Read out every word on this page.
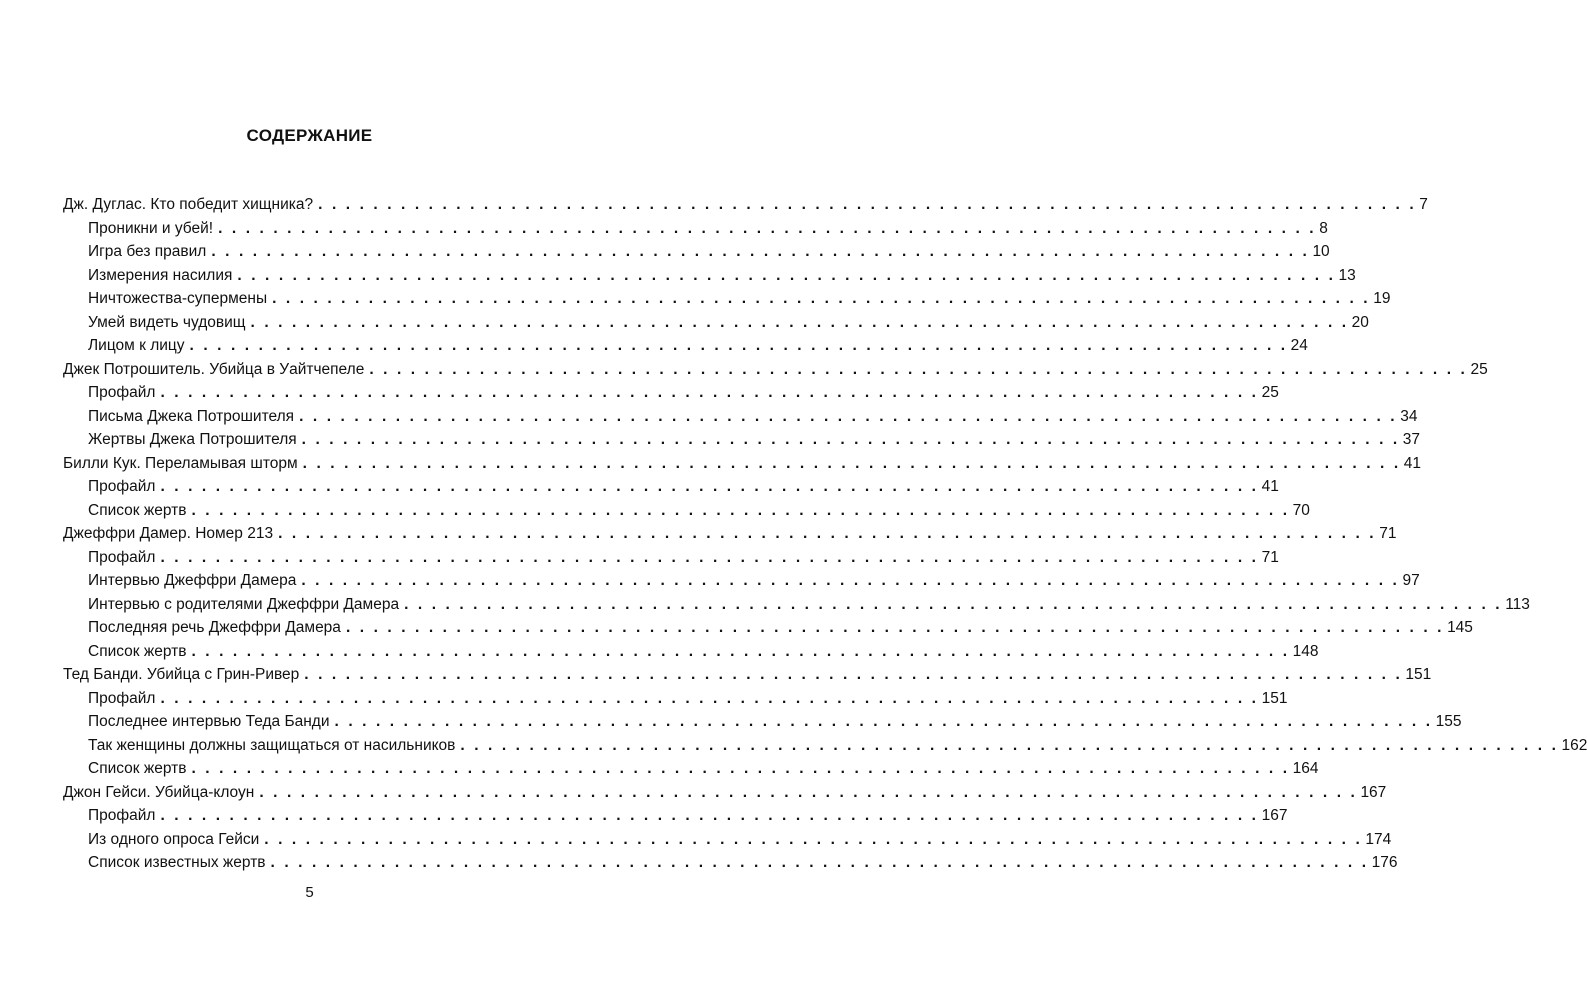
СОДЕРЖАНИЕ
Дж. Дуглас. Кто победит хищника? . . . . . . . . . . . . . . . . . . . . . . . . . . . . . . . . . . . . . . . . . . . . . . . . . . . . . . . . . . . . . . . . . . . . . . . . . . . . . . . . 7
Проникни и убей! . . . . . . . . . . . . . . . . . . . . . . . . . . . . . . . . . . . . . . . . . . . . . . . . . . . . . . . . . . . . . . . . . . . . . . . . . . . . . . . . 8
Игра без правил . . . . . . . . . . . . . . . . . . . . . . . . . . . . . . . . . . . . . . . . . . . . . . . . . . . . . . . . . . . . . . . . . . . . . . . . . . . . . . . . 10
Измерения насилия . . . . . . . . . . . . . . . . . . . . . . . . . . . . . . . . . . . . . . . . . . . . . . . . . . . . . . . . . . . . . . . . . . . . . . . . . . . . . . . . 13
Ничтожества-супермены . . . . . . . . . . . . . . . . . . . . . . . . . . . . . . . . . . . . . . . . . . . . . . . . . . . . . . . . . . . . . . . . . . . . . . . . . . . . . . . . 19
Умей видеть чудовищ . . . . . . . . . . . . . . . . . . . . . . . . . . . . . . . . . . . . . . . . . . . . . . . . . . . . . . . . . . . . . . . . . . . . . . . . . . . . . . . . 20
Лицом к лицу . . . . . . . . . . . . . . . . . . . . . . . . . . . . . . . . . . . . . . . . . . . . . . . . . . . . . . . . . . . . . . . . . . . . . . . . . . . . . . . . 24
Джек Потрошитель. Убийца в Уайтчепеле . . . . . . . . . . . . . . . . . . . . . . . . . . . . . . . . . . . . . . . . . . . . . . . . . . . . . . . . . . . . . . . . . . . . . . . . . . . . . . . . 25
Профайл . . . . . . . . . . . . . . . . . . . . . . . . . . . . . . . . . . . . . . . . . . . . . . . . . . . . . . . . . . . . . . . . . . . . . . . . . . . . . . . . 25
Письма Джека Потрошителя . . . . . . . . . . . . . . . . . . . . . . . . . . . . . . . . . . . . . . . . . . . . . . . . . . . . . . . . . . . . . . . . . . . . . . . . . . . . . . . . 34
Жертвы Джека Потрошителя . . . . . . . . . . . . . . . . . . . . . . . . . . . . . . . . . . . . . . . . . . . . . . . . . . . . . . . . . . . . . . . . . . . . . . . . . . . . . . . . 37
Билли Кук. Переламывая шторм . . . . . . . . . . . . . . . . . . . . . . . . . . . . . . . . . . . . . . . . . . . . . . . . . . . . . . . . . . . . . . . . . . . . . . . . . . . . . . . . 41
Профайл . . . . . . . . . . . . . . . . . . . . . . . . . . . . . . . . . . . . . . . . . . . . . . . . . . . . . . . . . . . . . . . . . . . . . . . . . . . . . . . . 41
Список жертв . . . . . . . . . . . . . . . . . . . . . . . . . . . . . . . . . . . . . . . . . . . . . . . . . . . . . . . . . . . . . . . . . . . . . . . . . . . . . . . . 70
Джеффри Дамер. Номер 213 . . . . . . . . . . . . . . . . . . . . . . . . . . . . . . . . . . . . . . . . . . . . . . . . . . . . . . . . . . . . . . . . . . . . . . . . . . . . . . . . 71
Профайл . . . . . . . . . . . . . . . . . . . . . . . . . . . . . . . . . . . . . . . . . . . . . . . . . . . . . . . . . . . . . . . . . . . . . . . . . . . . . . . . 71
Интервью Джеффри Дамера . . . . . . . . . . . . . . . . . . . . . . . . . . . . . . . . . . . . . . . . . . . . . . . . . . . . . . . . . . . . . . . . . . . . . . . . . . . . . . . . 97
Интервью с родителями Джеффри Дамера . . . . . . . . . . . . . . . . . . . . . . . . . . . . . . . . . . . . . . . . . . . . . . . . . . . . . . . . . . . . . . . . . . . . . . . . . . . . . . . . 113
Последняя речь Джеффри Дамера . . . . . . . . . . . . . . . . . . . . . . . . . . . . . . . . . . . . . . . . . . . . . . . . . . . . . . . . . . . . . . . . . . . . . . . . . . . . . . . . 145
Список жертв . . . . . . . . . . . . . . . . . . . . . . . . . . . . . . . . . . . . . . . . . . . . . . . . . . . . . . . . . . . . . . . . . . . . . . . . . . . . . . . . 148
Тед Банди. Убийца с Грин-Ривер . . . . . . . . . . . . . . . . . . . . . . . . . . . . . . . . . . . . . . . . . . . . . . . . . . . . . . . . . . . . . . . . . . . . . . . . . . . . . . . . 151
Профайл . . . . . . . . . . . . . . . . . . . . . . . . . . . . . . . . . . . . . . . . . . . . . . . . . . . . . . . . . . . . . . . . . . . . . . . . . . . . . . . . 151
Последнее интервью Теда Банди . . . . . . . . . . . . . . . . . . . . . . . . . . . . . . . . . . . . . . . . . . . . . . . . . . . . . . . . . . . . . . . . . . . . . . . . . . . . . . . . 155
Так женщины должны защищаться от насильников . . . . . . . . . . . . . . . . . . . . . . . . . . . . . . . . . . . . . . . . . . . . . . . . . . . . . . . . . . . . . . . . . . . . . . . . . . . . . . . . 162
Список жертв . . . . . . . . . . . . . . . . . . . . . . . . . . . . . . . . . . . . . . . . . . . . . . . . . . . . . . . . . . . . . . . . . . . . . . . . . . . . . . . . 164
Джон Гейси. Убийца-клоун . . . . . . . . . . . . . . . . . . . . . . . . . . . . . . . . . . . . . . . . . . . . . . . . . . . . . . . . . . . . . . . . . . . . . . . . . . . . . . . . 167
Профайл . . . . . . . . . . . . . . . . . . . . . . . . . . . . . . . . . . . . . . . . . . . . . . . . . . . . . . . . . . . . . . . . . . . . . . . . . . . . . . . . 167
Из одного опроса Гейси . . . . . . . . . . . . . . . . . . . . . . . . . . . . . . . . . . . . . . . . . . . . . . . . . . . . . . . . . . . . . . . . . . . . . . . . . . . . . . . . 174
Список известных жертв . . . . . . . . . . . . . . . . . . . . . . . . . . . . . . . . . . . . . . . . . . . . . . . . . . . . . . . . . . . . . . . . . . . . . . . . . . . . . . . . 176
5
